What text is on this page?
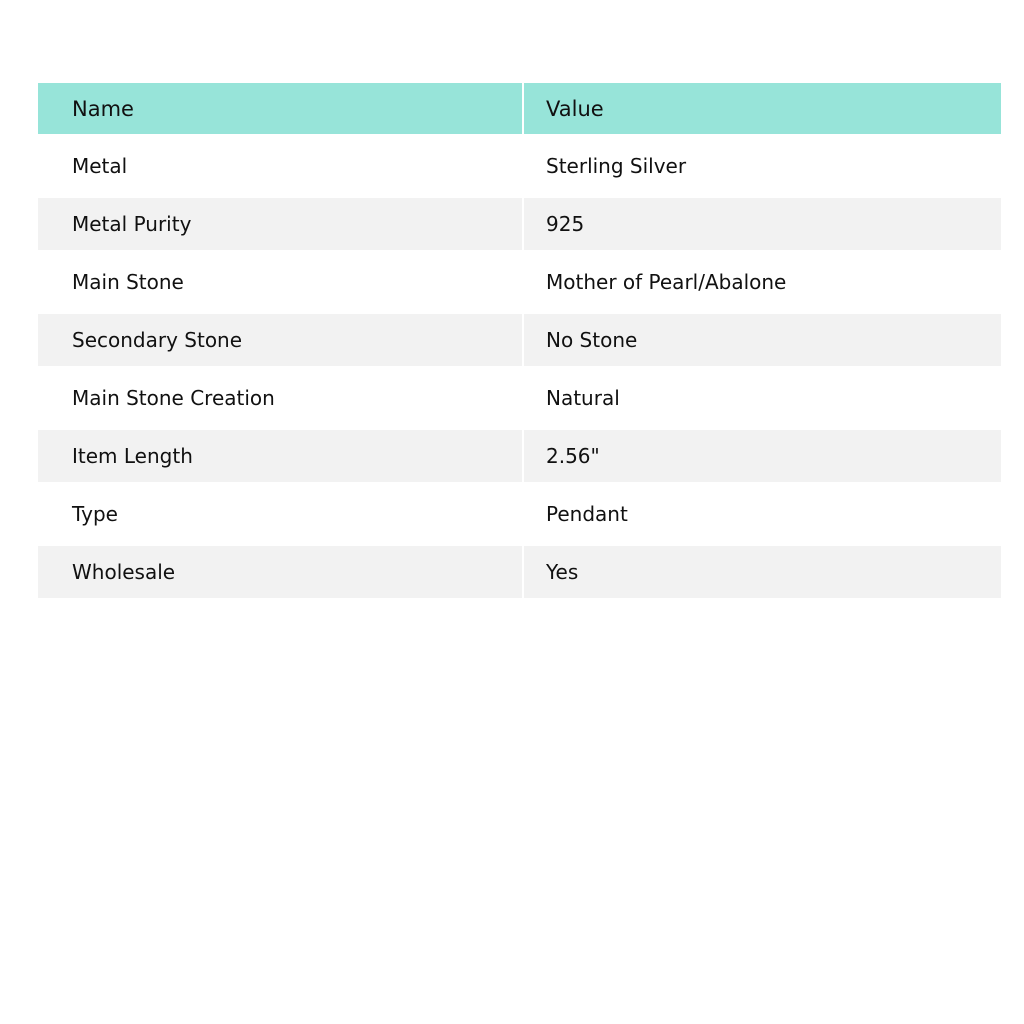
Name	Value
Metal	Sterling Silver
Metal Purity	925
Main Stone	Mother of Pearl/Abalone
Secondary Stone	No Stone
Main Stone Creation	Natural
Item Length	2.56"
Type	Pendant
Wholesale	Yes
